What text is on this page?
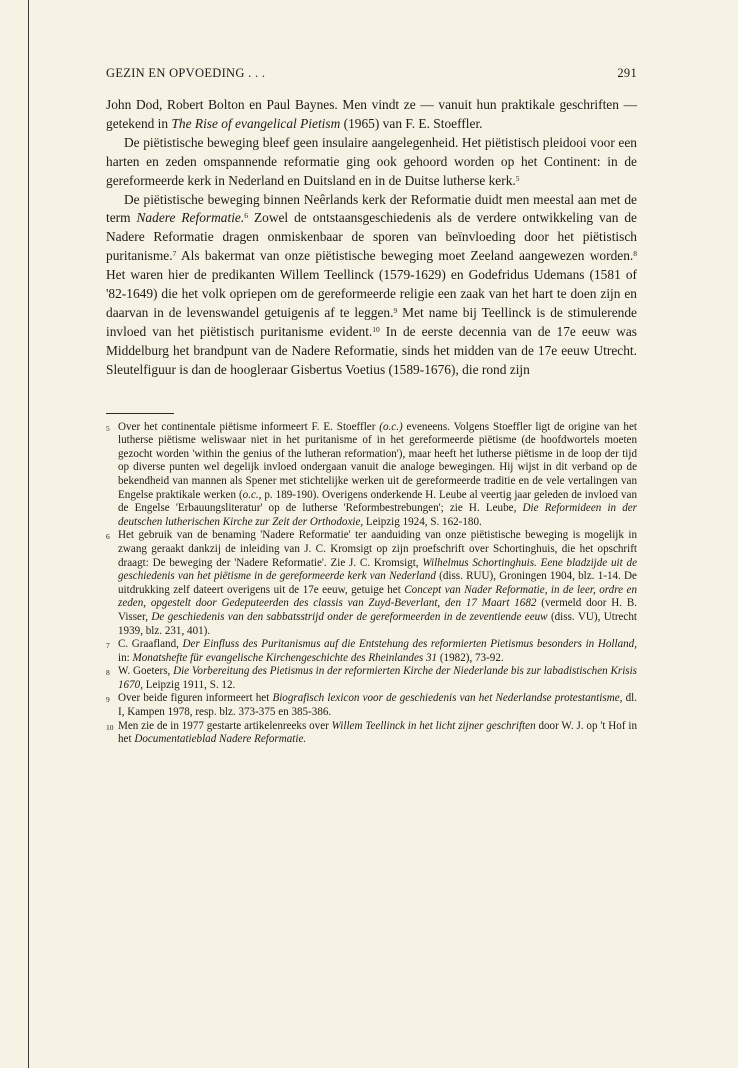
GEZIN EN OPVOEDING . . .	291

John Dod, Robert Bolton en Paul Baynes. Men vindt ze — vanuit hun praktikale geschriften — getekend in The Rise of evangelical Pietism (1965) van F. E. Stoeffler.

De piëtistische beweging bleef geen insulaire aangelegenheid. Het piëtistisch pleidooi voor een harten en zeden omspannende reformatie ging ook gehoord worden op het Continent: in de gereformeerde kerk in Nederland en Duitsland en in de Duitse lutherse kerk.$^5$

De piëtistische beweging binnen Neêrlands kerk der Reformatie duidt men meestal aan met de term Nadere Reformatie.$^6$ Zowel de ontstaansgeschiedenis als de verdere ontwikkeling van de Nadere Reformatie dragen onmiskenbaar de sporen van beïnvloeding door het piëtistisch puritanisme.$^7$ Als bakermat van onze piëtistische beweging moet Zeeland aangewezen worden.$^8$ Het waren hier de predikanten Willem Teellinck (1579-1629) en Godefridus Udemans (1581 of '82-1649) die het volk opriepen om de gereformeerde religie een zaak van het hart te doen zijn en daarvan in de levenswandel getuigenis af te leggen.$^9$ Met name bij Teellinck is de stimulerende invloed van het piëtistisch puritanisme evident.$^{10}$ In de eerste decennia van de 17e eeuw was Middelburg het brandpunt van de Nadere Reformatie, sinds het midden van de 17e eeuw Utrecht. Sleutelfiguur is dan de hoogleraar Gisbertus Voetius (1589-1676), die rond zijn

5 Over het continentale piëtisme informeert F. E. Stoeffler (o.c.) eveneens. Volgens Stoeffler ligt de origine van het lutherse piëtisme weliswaar niet in het puritanisme of in het gereformeerde piëtisme (de hoofdwortels moeten gezocht worden 'within the genius of the lutheran reformation'), maar heeft het lutherse piëtisme in de loop der tijd op diverse punten wel degelijk invloed ondergaan vanuit die analoge bewegingen. Hij wijst in dit verband op de bekendheid van mannen als Spener met stichtelijke werken uit de gereformeerde traditie en de vele vertalingen van Engelse praktikale werken (o.c., p. 189-190). Overigens onderkende H. Leube al veertig jaar geleden de invloed van de Engelse 'Erbauungsliteratur' op de lutherse 'Reformbestrebungen'; zie H. Leube, Die Reformideen in der deutschen lutherischen Kirche zur Zeit der Orthodoxie, Leipzig 1924, S. 162-180.
6 Het gebruik van de benaming 'Nadere Reformatie' ter aanduiding van onze piëtistische beweging is mogelijk in zwang geraakt dankzij de inleiding van J. C. Kromsigt op zijn proefschrift over Schortinghuis, die het opschrift draagt: De beweging der 'Nadere Reformatie'. Zie J. C. Kromsigt, Wilhelmus Schortinghuis. Eene bladzijde uit de geschiedenis van het piëtisme in de gereformeerde kerk van Nederland (diss. RUU), Groningen 1904, blz. 1-14. De uitdrukking zelf dateert overigens uit de 17e eeuw, getuige het Concept van Nader Reformatie, in de leer, ordre en zeden, opgestelt door Gedeputeerden des classis van Zuyd-Beverlant, den 17 Maart 1682 (vermeld door H. B. Visser, De geschiedenis van den sabbatsstrijd onder de gereformeerden in de zeventiende eeuw (diss. VU), Utrecht 1939, blz. 231, 401).
7 C. Graafland, Der Einfluss des Puritanismus auf die Entstehung des reformierten Pietismus besonders in Holland, in: Monatshefte für evangelische Kirchengeschichte des Rheinlandes 31 (1982), 73-92.
8 W. Goeters, Die Vorbereitung des Pietismus in der reformierten Kirche der Niederlande bis zur labadistischen Krisis 1670, Leipzig 1911, S. 12.
9 Over beide figuren informeert het Biografisch lexicon voor de geschiedenis van het Nederlandse protestantisme, dl. I, Kampen 1978, resp. blz. 373-375 en 385-386.
10 Men zie de in 1977 gestarte artikelenreeks over Willem Teellinck in het licht zijner geschriften door W. J. op 't Hof in het Documentatieblad Nadere Reformatie.
